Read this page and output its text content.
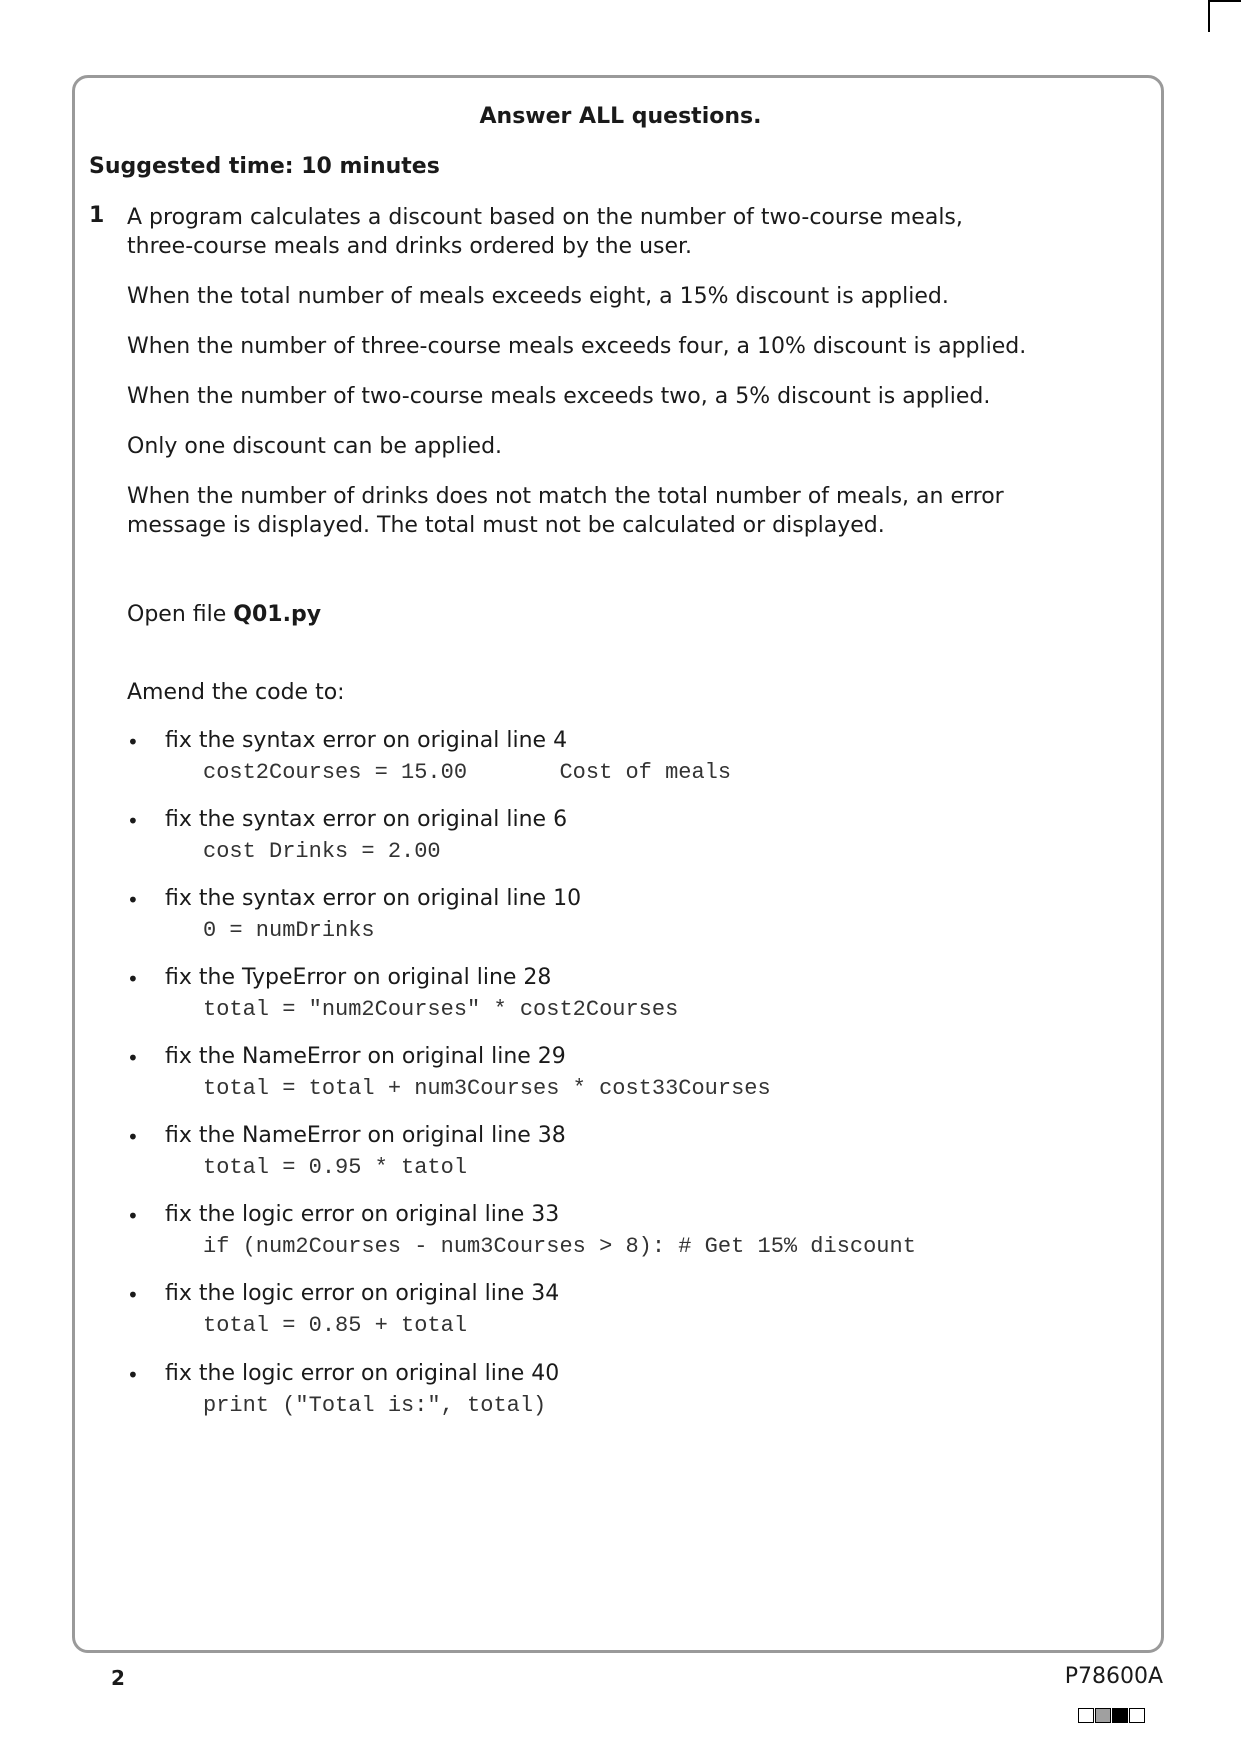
Answer ALL questions.
Suggested time: 10 minutes
1 A program calculates a discount based on the number of two-course meals,
three-course meals and drinks ordered by the user.
When the total number of meals exceeds eight, a 15% discount is applied.
When the number of three-course meals exceeds four, a 10% discount is applied.
When the number of two-course meals exceeds two, a 5% discount is applied.
Only one discount can be applied.
When the number of drinks does not match the total number of meals, an error
message is displayed. The total must not be calculated or displayed.
Open file Q01.py
Amend the code to:
• fix the syntax error on original line 4
cost2Courses = 15.00       Cost of meals
• fix the syntax error on original line 6
cost Drinks = 2.00
• fix the syntax error on original line 10
0 = numDrinks
• fix the TypeError on original line 28
total = "num2Courses" * cost2Courses
• fix the NameError on original line 29
total = total + num3Courses * cost33Courses
• fix the NameError on original line 38
total = 0.95 * tatol
• fix the logic error on original line 33
if (num2Courses - num3Courses > 8): # Get 15% discount
• fix the logic error on original line 34
total = 0.85 + total
• fix the logic error on original line 40
print ("Total is:", total)
2	P78600A
